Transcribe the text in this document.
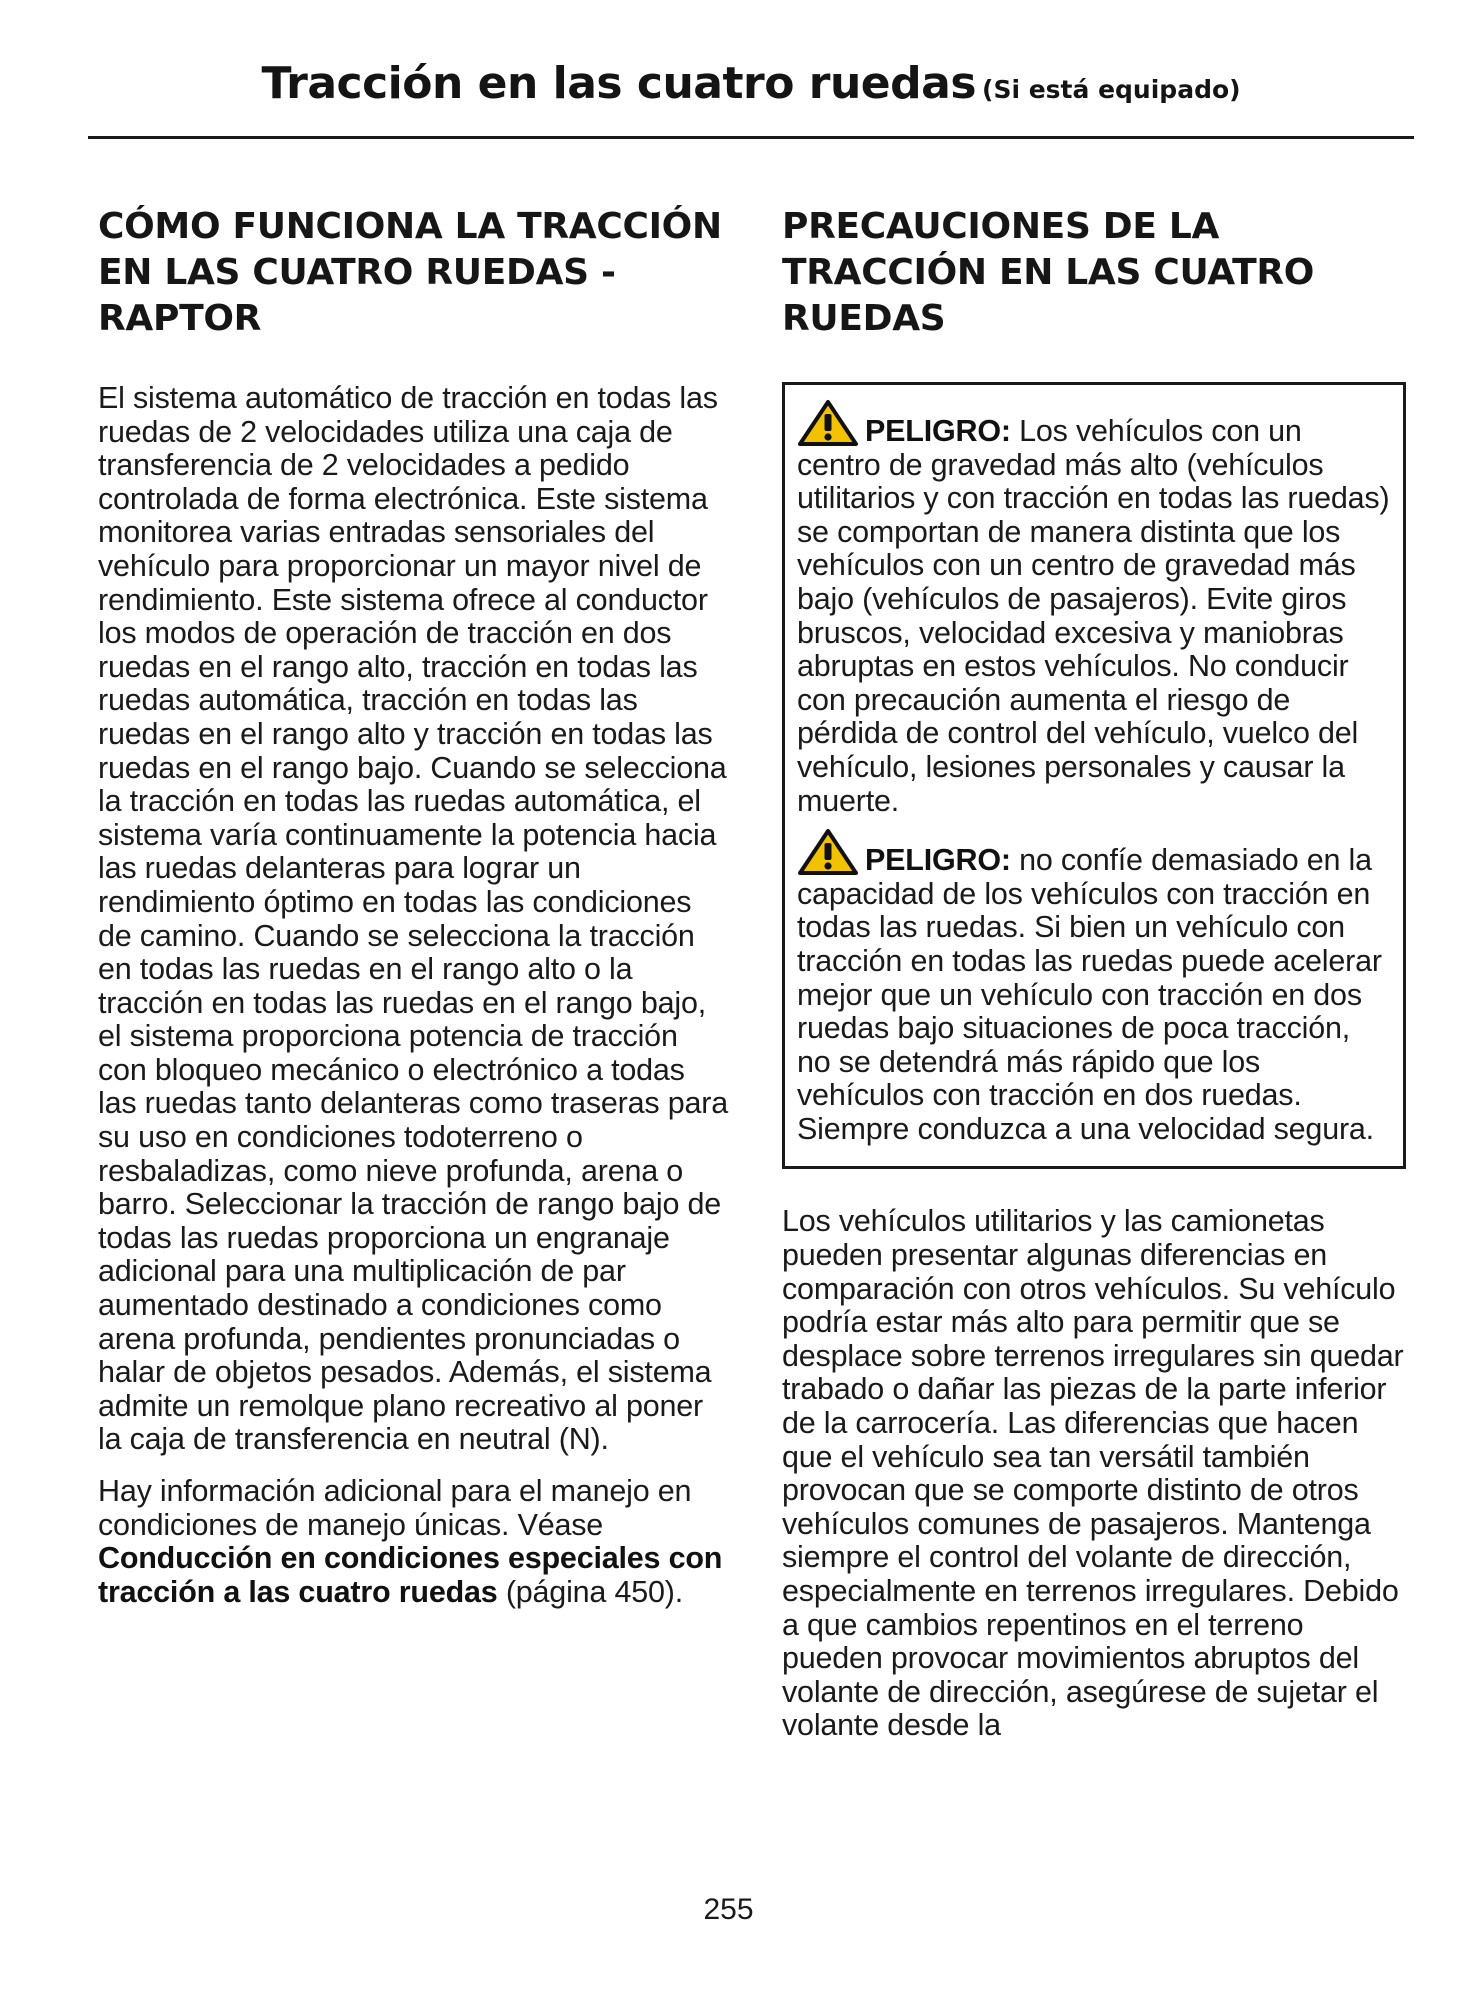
Tracción en las cuatro ruedas (Si está equipado)
CÓMO FUNCIONA LA TRACCIÓN EN LAS CUATRO RUEDAS - RAPTOR

El sistema automático de tracción en todas las ruedas de 2 velocidades utiliza una caja de transferencia de 2 velocidades a pedido controlada de forma electrónica. Este sistema monitorea varias entradas sensoriales del vehículo para proporcionar un mayor nivel de rendimiento. Este sistema ofrece al conductor los modos de operación de tracción en dos ruedas en el rango alto, tracción en todas las ruedas automática, tracción en todas las ruedas en el rango alto y tracción en todas las ruedas en el rango bajo. Cuando se selecciona la tracción en todas las ruedas automática, el sistema varía continuamente la potencia hacia las ruedas delanteras para lograr un rendimiento óptimo en todas las condiciones de camino. Cuando se selecciona la tracción en todas las ruedas en el rango alto o la tracción en todas las ruedas en el rango bajo, el sistema proporciona potencia de tracción con bloqueo mecánico o electrónico a todas las ruedas tanto delanteras como traseras para su uso en condiciones todoterreno o resbaladizas, como nieve profunda, arena o barro. Seleccionar la tracción de rango bajo de todas las ruedas proporciona un engranaje adicional para una multiplicación de par aumentado destinado a condiciones como arena profunda, pendientes pronunciadas o halar de objetos pesados. Además, el sistema admite un remolque plano recreativo al poner la caja de transferencia en neutral (N).

Hay información adicional para el manejo en condiciones de manejo únicas. Véase Conducción en condiciones especiales con tracción a las cuatro ruedas (página 450).

PRECAUCIONES DE LA TRACCIÓN EN LAS CUATRO RUEDAS

PELIGRO: Los vehículos con un centro de gravedad más alto (vehículos utilitarios y con tracción en todas las ruedas) se comportan de manera distinta que los vehículos con un centro de gravedad más bajo (vehículos de pasajeros). Evite giros bruscos, velocidad excesiva y maniobras abruptas en estos vehículos. No conducir con precaución aumenta el riesgo de pérdida de control del vehículo, vuelco del vehículo, lesiones personales y causar la muerte.

PELIGRO: no confíe demasiado en la capacidad de los vehículos con tracción en todas las ruedas. Si bien un vehículo con tracción en todas las ruedas puede acelerar mejor que un vehículo con tracción en dos ruedas bajo situaciones de poca tracción, no se detendrá más rápido que los vehículos con tracción en dos ruedas. Siempre conduzca a una velocidad segura.

Los vehículos utilitarios y las camionetas pueden presentar algunas diferencias en comparación con otros vehículos. Su vehículo podría estar más alto para permitir que se desplace sobre terrenos irregulares sin quedar trabado o dañar las piezas de la parte inferior de la carrocería. Las diferencias que hacen que el vehículo sea tan versátil también provocan que se comporte distinto de otros vehículos comunes de pasajeros. Mantenga siempre el control del volante de dirección, especialmente en terrenos irregulares. Debido a que cambios repentinos en el terreno pueden provocar movimientos abruptos del volante de dirección, asegúrese de sujetar el volante desde la

255
